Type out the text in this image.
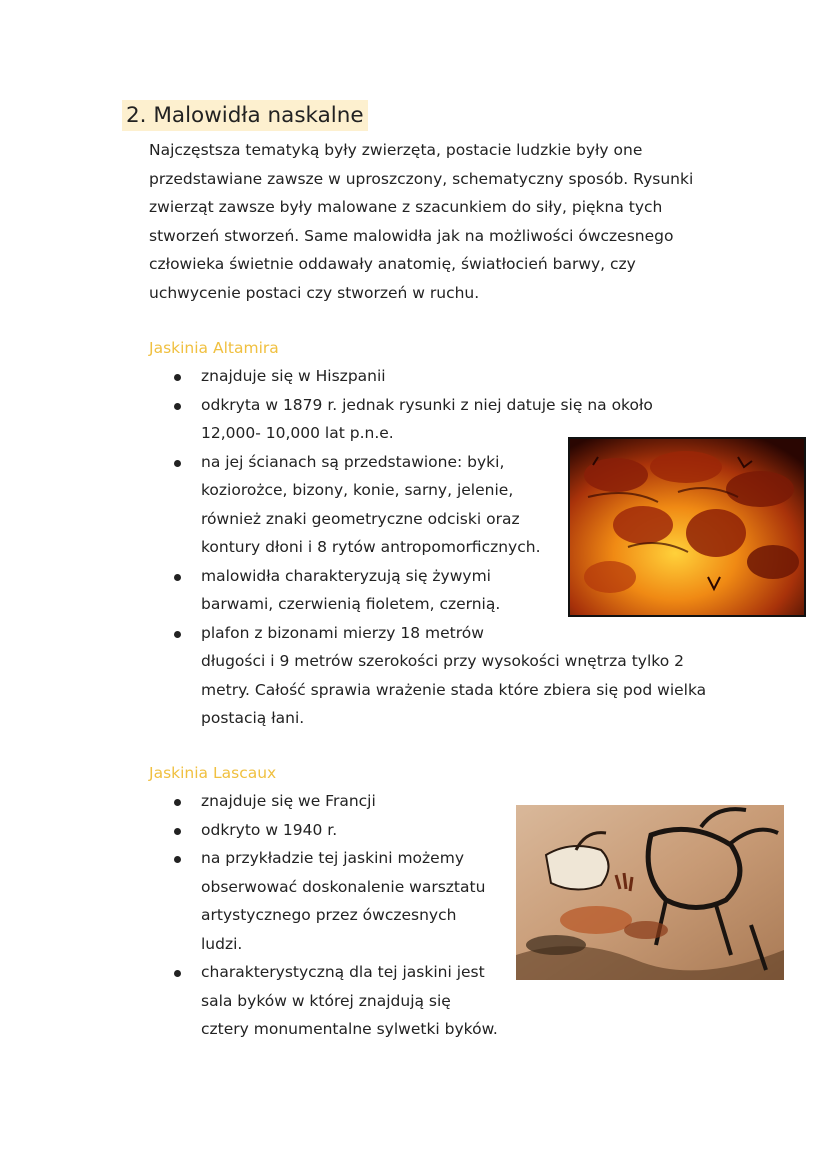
2. Malowidła naskalne

Najczęstsza tematyką były zwierzęta, postacie ludzkie były one
przedstawiane zawsze w uproszczony, schematyczny sposób. Rysunki
zwierząt zawsze były malowane z szacunkiem do siły, piękna tych
stworzeń stworzeń. Same malowidła jak na możliwości ówczesnego
człowieka świetnie oddawały anatomię, światłocień barwy, czy
uchwycenie postaci czy stworzeń w ruchu.

Jaskinia Altamira
znajduje się w Hiszpanii
odkryta w 1879 r. jednak rysunki z niej datuje się na około
12,000- 10,000 lat p.n.e.
na jej ścianach są przedstawione: byki,
koziorożce, bizony, konie, sarny, jelenie,
również znaki geometryczne odciski oraz
kontury dłoni i 8 rytów antropomorficznych.
malowidła charakteryzują się żywymi
barwami, czerwienią fioletem, czernią.
plafon z bizonami mierzy 18 metrów
długości i 9 metrów szerokości przy wysokości wnętrza tylko 2
metry. Całość sprawia wrażenie stada które zbiera się pod wielka
postacią łani.
Jaskinia Lascaux
znajduje się we Francji
odkryto w 1940 r.
na przykładzie tej jaskini możemy
obserwować doskonalenie warsztatu
artystycznego przez ówczesnych
ludzi.
charakterystyczną dla tej jaskini jest
sala byków w której znajdują się
cztery monumentalne sylwetki byków.
